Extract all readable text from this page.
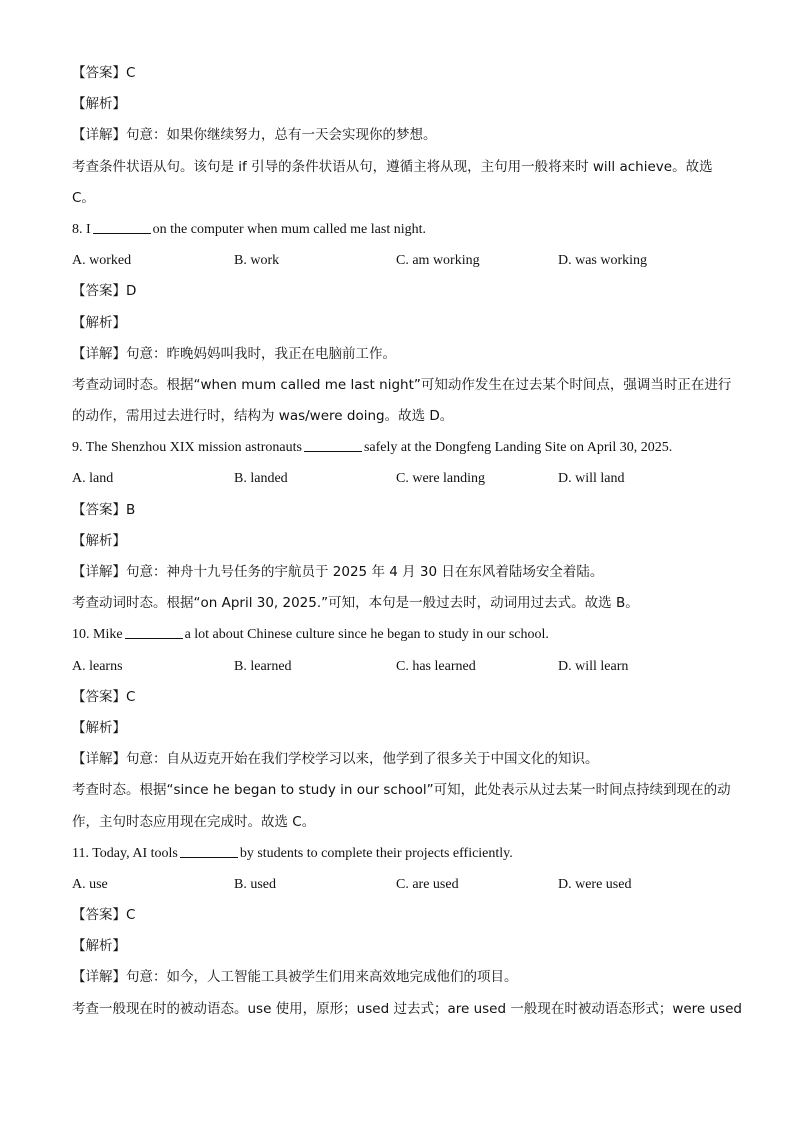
【答案】C
【解析】
【详解】句意：如果你继续努力，总有一天会实现你的梦想。
考查条件状语从句。该句是 if 引导的条件状语从句，遵循主将从现，主句用一般将来时 will achieve。故选
C。
8. I	on the computer when mum called me last night.
A. worked	B. work	C. am working	D. was working
【答案】D
【解析】
【详解】句意：昨晚妈妈叫我时，我正在电脑前工作。
考查动词时态。根据“when mum called me last night”可知动作发生在过去某个时间点，强调当时正在进行
的动作，需用过去进行时，结构为 was/were doing。故选 D。
9. The Shenzhou XIX mission astronauts	safely at the Dongfeng Landing Site on April 30, 2025.
A. land	B. landed	C. were landing	D. will land
【答案】B
【解析】
【详解】句意：神舟十九号任务的宇航员于 2025 年 4 月 30 日在东风着陆场安全着陆。
考查动词时态。根据“on April 30, 2025.”可知，本句是一般过去时，动词用过去式。故选 B。
10. Mike	a lot about Chinese culture since he began to study in our school.
A. learns	B. learned	C. has learned	D. will learn
【答案】C
【解析】
【详解】句意：自从迈克开始在我们学校学习以来，他学到了很多关于中国文化的知识。
考查时态。根据“since he began to study in our school”可知，此处表示从过去某一时间点持续到现在的动
作，主句时态应用现在完成时。故选 C。
11. Today, AI tools	by students to complete their projects efficiently.
A. use	B. used	C. are used	D. were used
【答案】C
【解析】
【详解】句意：如今，人工智能工具被学生们用来高效地完成他们的项目。
考查一般现在时的被动语态。use 使用，原形；used 过去式；are used 一般现在时被动语态形式；were used
